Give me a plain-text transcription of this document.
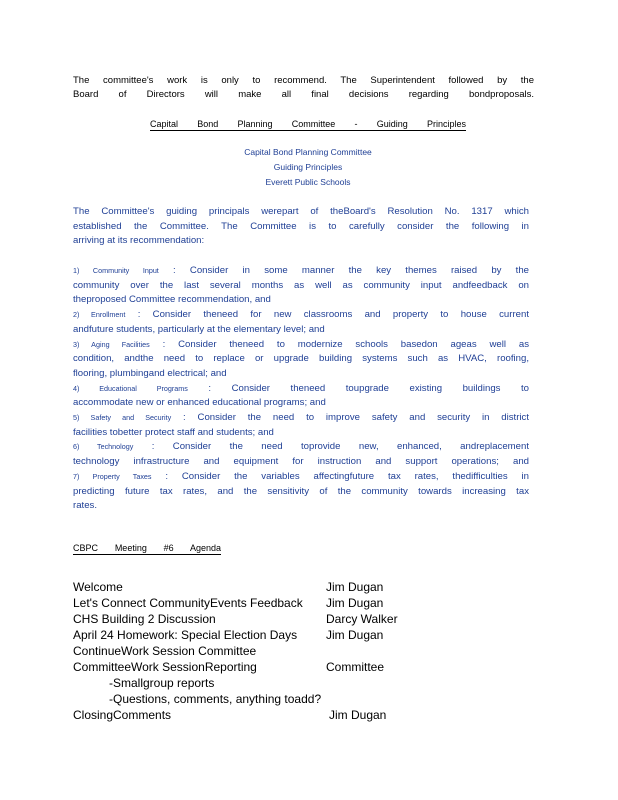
The committee's work is only to recommend. The Superintendent followed by the
Board of Directors will make all final decisions regarding bondproposals.
Capital Bond Planning Committee - Guiding Principles
Capital Bond Planning Committee
Guiding Principles
Everett Public Schools
The Committee's guiding principals werepart of theBoard's Resolution No. 1317 which
established the Committee. The Committee is to carefully consider the following in
arriving at its recommendation:
1) Community Input : Consider in some manner the key themes raised by the
community over the last several months as well as community input andfeedback on
theproposed Committee recommendation, and
2) Enrollment : Consider theneed for new classrooms and property to house current
andfuture students, particularly at the elementary level; and
3) Aging Facilities : Consider theneed to modernize schools basedon ageas well as
condition, andthe need to replace or upgrade building systems such as HVAC, roofing,
flooring, plumbingand electrical; and
4) Educational Programs : Consider theneed toupgrade existing buildings to
accommodate new or enhanced educational programs; and
5) Safety and Security : Consider the need to improve safety and security in district
facilities tobetter protect staff and students; and
6) Technology : Consider the need toprovide new, enhanced, andreplacement
technology infrastructure and equipment for instruction and support operations; and
7) Property Taxes : Consider the variables affectingfuture tax rates, thedifficulties in
predicting future tax rates, and the sensitivity of the community towards increasing tax
rates.
CBPC Meeting #6 Agenda
Welcome	Jim Dugan
Let's Connect CommunityEvents Feedback Jim Dugan
CHS Building 2 Discussion	Darcy Walker
April 24 Homework: Special Election Days Jim Dugan
ContinueWork Session Committee
CommitteeWork SessionReporting	Committee
-Smallgroup reports
-Questions, comments, anything toadd?
ClosingComments	Jim Dugan
